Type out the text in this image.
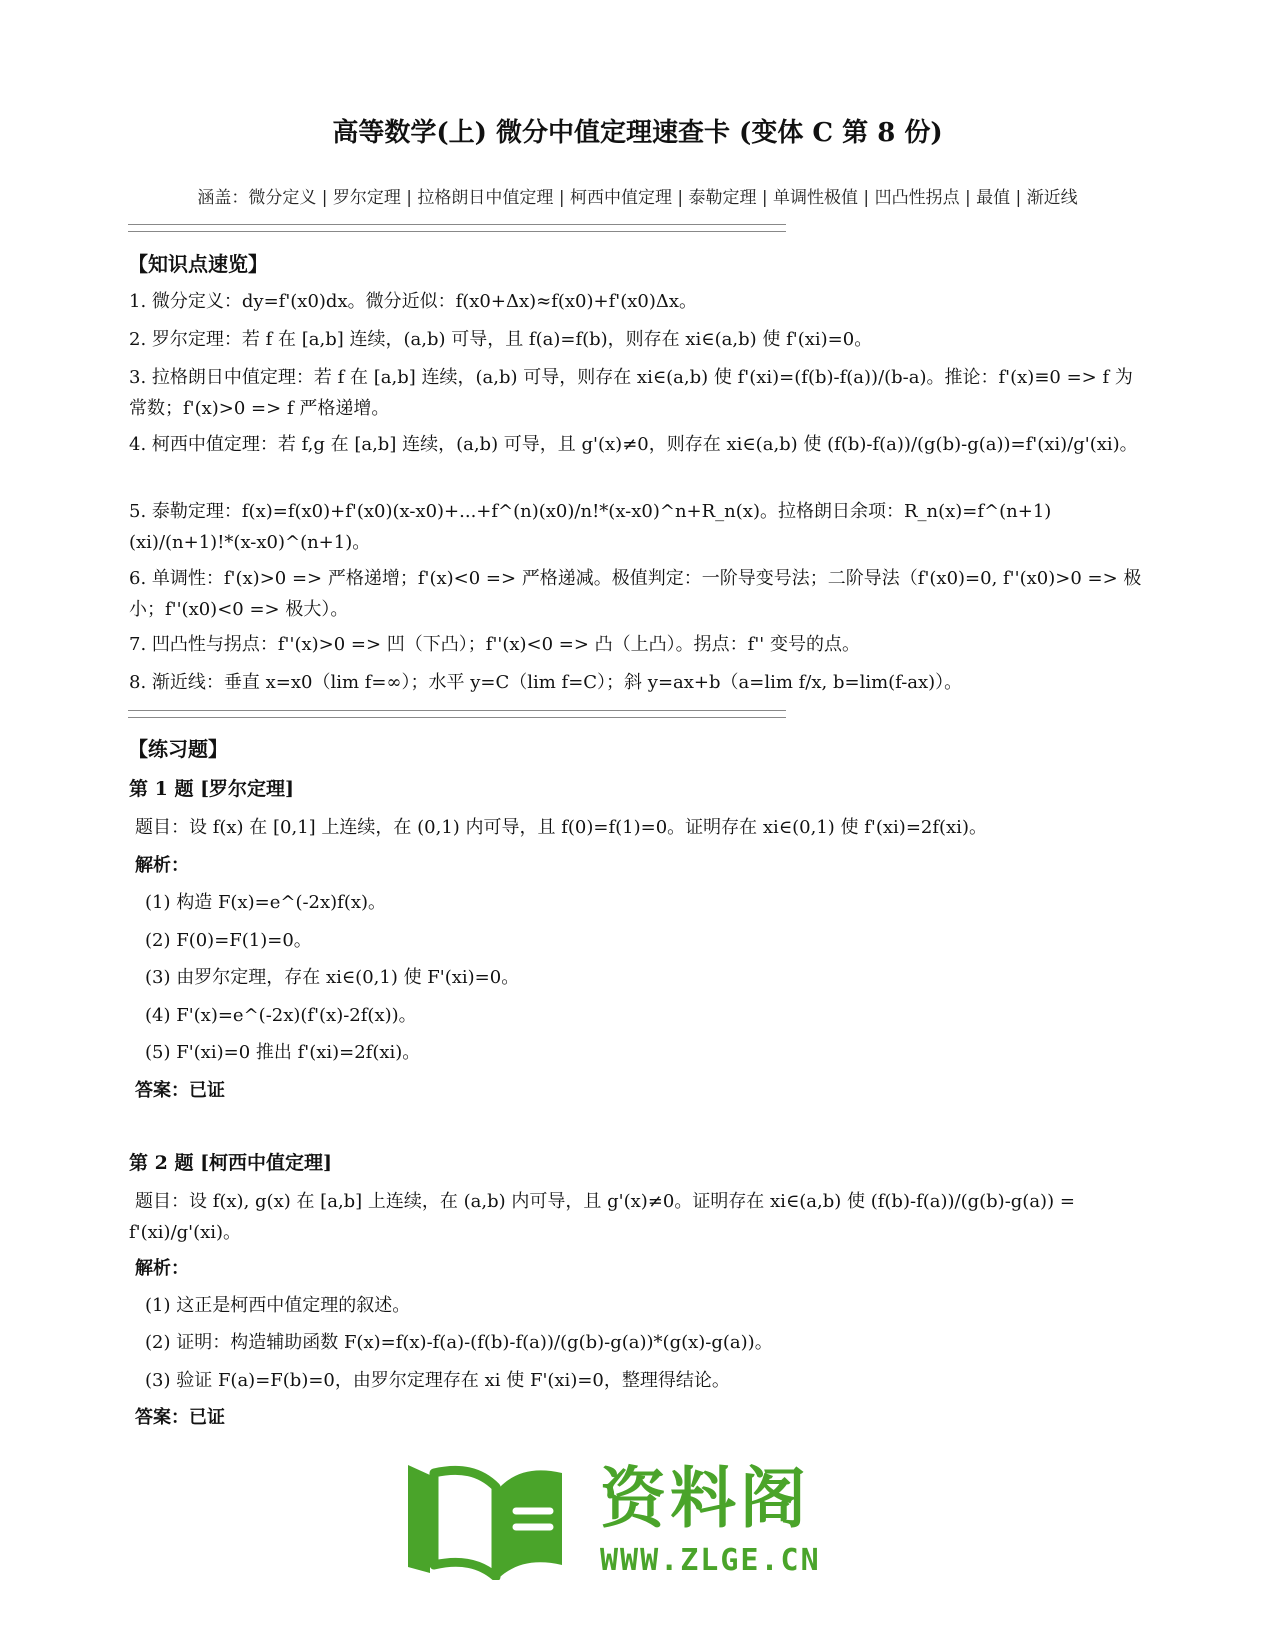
高等数学(上) 微分中值定理速查卡 (变体 C 第 8 份)
涵盖：微分定义 | 罗尔定理 | 拉格朗日中值定理 | 柯西中值定理 | 泰勒定理 | 单调性极值 | 凹凸性拐点 | 最值 | 渐近线
【知识点速览】
1. 微分定义：dy=f'(x0)dx。微分近似：f(x0+Δx)≈f(x0)+f'(x0)Δx。
2. 罗尔定理：若 f 在 [a,b] 连续，(a,b) 可导，且 f(a)=f(b)，则存在 xi∈(a,b) 使 f'(xi)=0。
3. 拉格朗日中值定理：若 f 在 [a,b] 连续，(a,b) 可导，则存在 xi∈(a,b) 使 f'(xi)=(f(b)-f(a))/(b-a)。推论：f'(x)≡0 => f 为常数；f'(x)>0 => f 严格递增。
4. 柯西中值定理：若 f,g 在 [a,b] 连续，(a,b) 可导，且 g'(x)≠0，则存在 xi∈(a,b) 使 (f(b)-f(a))/(g(b)-g(a))=f'(xi)/g'(xi)。
5. 泰勒定理：f(x)=f(x0)+f'(x0)(x-x0)+...+f^(n)(x0)/n!*(x-x0)^n+R_n(x)。拉格朗日余项：R_n(x)=f^(n+1)(xi)/(n+1)!*(x-x0)^(n+1)。
6. 单调性：f'(x)>0 => 严格递增；f'(x)<0 => 严格递减。极值判定：一阶导变号法；二阶导法（f'(x0)=0, f''(x0)>0 => 极小；f''(x0)<0 => 极大）。
7. 凹凸性与拐点：f''(x)>0 => 凹（下凸）；f''(x)<0 => 凸（上凸）。拐点：f'' 变号的点。
8. 渐近线：垂直 x=x0（lim f=∞）；水平 y=C（lim f=C）；斜 y=ax+b（a=lim f/x, b=lim(f-ax)）。
【练习题】
第 1 题 [罗尔定理]
题目：设 f(x) 在 [0,1] 上连续，在 (0,1) 内可导，且 f(0)=f(1)=0。证明存在 xi∈(0,1) 使 f'(xi)=2f(xi)。
解析：
(1) 构造 F(x)=e^(-2x)f(x)。
(2) F(0)=F(1)=0。
(3) 由罗尔定理，存在 xi∈(0,1) 使 F'(xi)=0。
(4) F'(x)=e^(-2x)(f'(x)-2f(x))。
(5) F'(xi)=0 推出 f'(xi)=2f(xi)。
答案：已证
第 2 题 [柯西中值定理]
题目：设 f(x), g(x) 在 [a,b] 上连续，在 (a,b) 内可导，且 g'(x)≠0。证明存在 xi∈(a,b) 使 (f(b)-f(a))/(g(b)-g(a)) = f'(xi)/g'(xi)。
解析：
(1) 这正是柯西中值定理的叙述。
(2) 证明：构造辅助函数 F(x)=f(x)-f(a)-(f(b)-f(a))/(g(b)-g(a))*(g(x)-g(a))。
(3) 验证 F(a)=F(b)=0，由罗尔定理存在 xi 使 F'(xi)=0，整理得结论。
答案：已证
资料阁
WWW.ZLGE.CN
